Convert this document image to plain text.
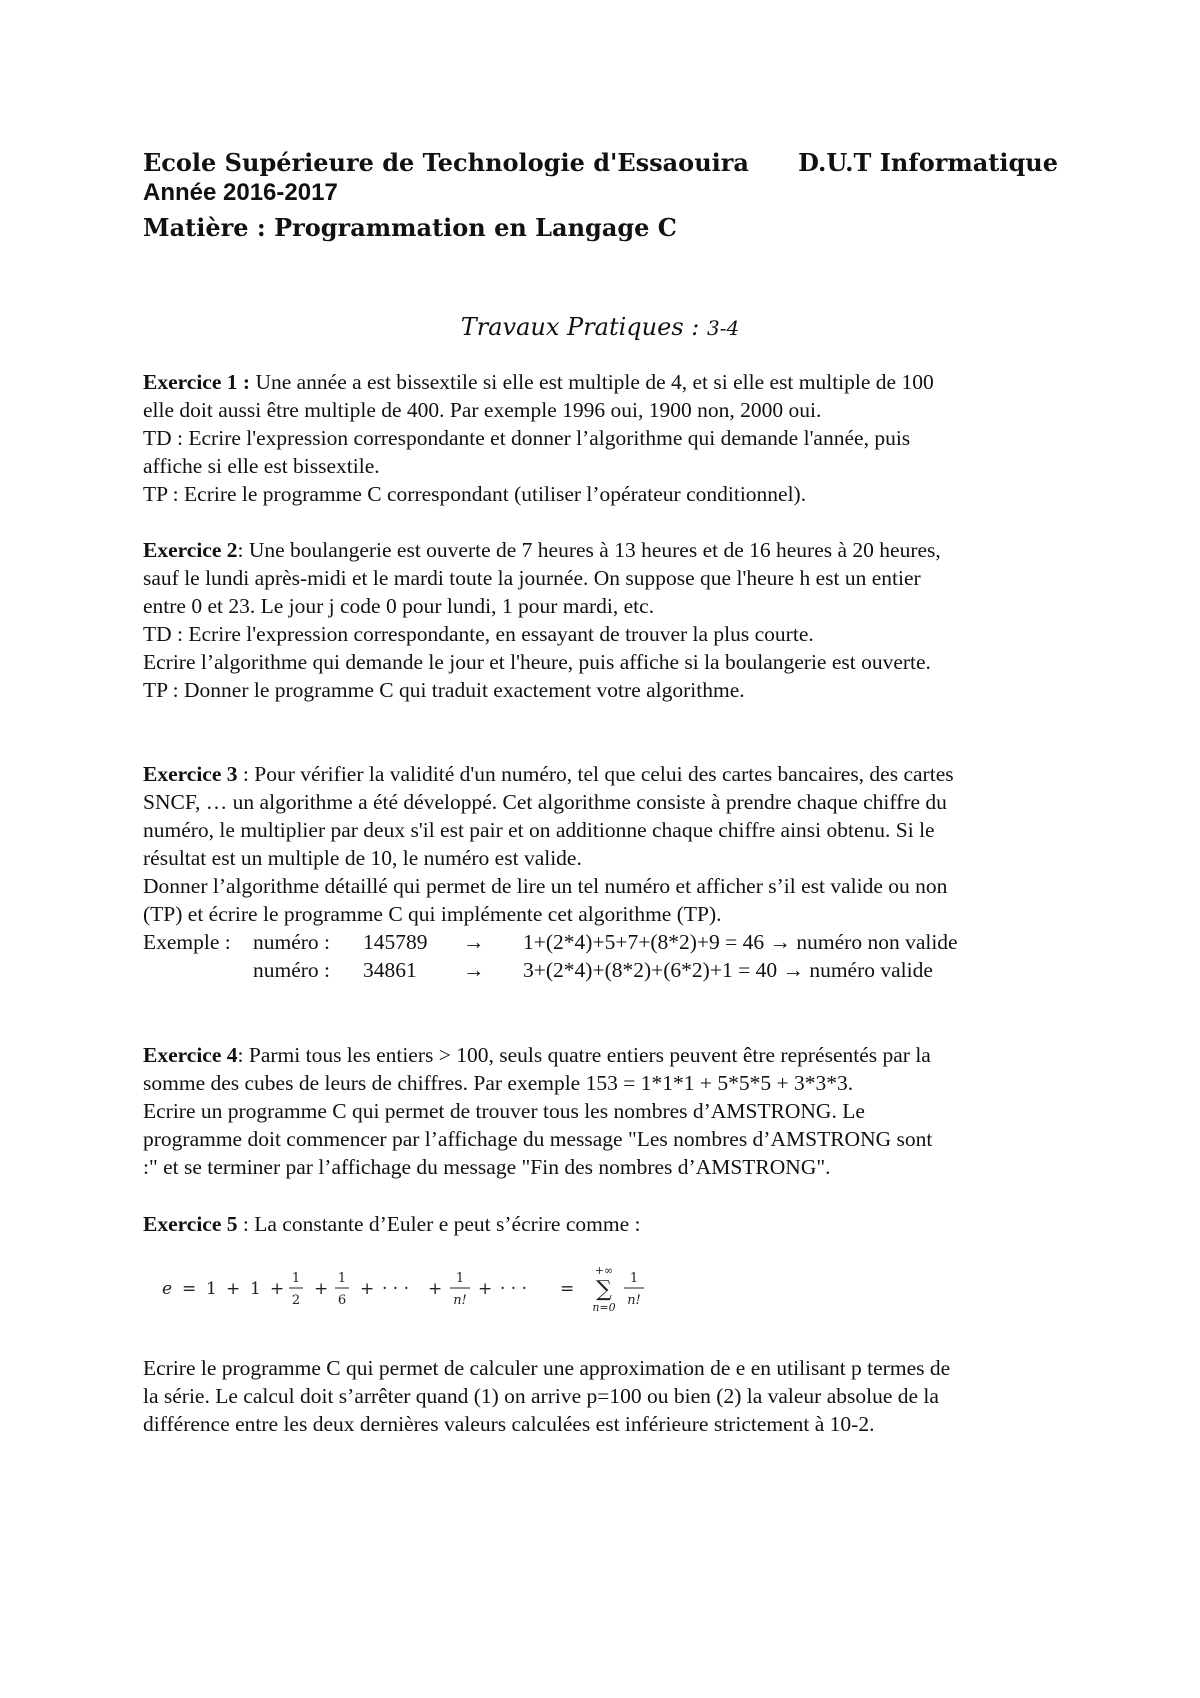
Ecole Supérieure de Technologie d'Essaouira D.U.T Informatique
Année 2016-2017
Matière : Programmation en Langage C
Travaux Pratiques : 3-4

Exercice 1 : Une année a est bissextile si elle est multiple de 4, et si elle est multiple de 100

elle doit aussi être multiple de 400. Par exemple 1996 oui, 1900 non, 2000 oui.

TD : Ecrire l'expression correspondante et donner l’algorithme qui demande l'année, puis

affiche si elle est bissextile.

TP : Ecrire le programme C correspondant (utiliser l’opérateur conditionnel).

Exercice 2: Une boulangerie est ouverte de 7 heures à 13 heures et de 16 heures à 20 heures,

sauf le lundi après-midi et le mardi toute la journée. On suppose que l'heure h est un entier

entre 0 et 23. Le jour j code 0 pour lundi, 1 pour mardi, etc.

TD : Ecrire l'expression correspondante, en essayant de trouver la plus courte.

Ecrire l’algorithme qui demande le jour et l'heure, puis affiche si la boulangerie est ouverte.

TP : Donner le programme C qui traduit exactement votre algorithme.

Exercice 3 : Pour vérifier la validité d'un numéro, tel que celui des cartes bancaires, des cartes

SNCF, … un algorithme a été développé. Cet algorithme consiste à prendre chaque chiffre du

numéro, le multiplier par deux s'il est pair et on additionne chaque chiffre ainsi obtenu. Si le

résultat est un multiple de 10, le numéro est valide.

Donner l’algorithme détaillé qui permet de lire un tel numéro et afficher s’il est valide ou non

(TP) et écrire le programme C qui implémente cet algorithme (TP).

Exemple : numéro : 145789 → 1+(2*4)+5+7+(8*2)+9 = 46 → numéro non valide

numéro : 34861 → 3+(2*4)+(8*2)+(6*2)+1 = 40 → numéro valide

Exercice 4: Parmi tous les entiers > 100, seuls quatre entiers peuvent être représentés par la

somme des cubes de leurs de chiffres. Par exemple 153 = 1*1*1 + 5*5*5 + 3*3*3.

Ecrire un programme C qui permet de trouver tous les nombres d’AMSTRONG. Le

programme doit commencer par l’affichage du message "Les nombres d’AMSTRONG sont

:" et se terminer par l’affichage du message "Fin des nombres d’AMSTRONG".

Exercice 5 : La constante d’Euler e peut s’écrire comme :

e = 1 + 1 +
1
2
+
1
6
+ · · · +
1
n!
+ · · · =
+∞
∑
n=0
1
n!

Ecrire le programme C qui permet de calculer une approximation de e en utilisant p termes de

la série. Le calcul doit s’arrêter quand (1) on arrive p=100 ou bien (2) la valeur absolue de la

différence entre les deux dernières valeurs calculées est inférieure strictement à 10-2.
